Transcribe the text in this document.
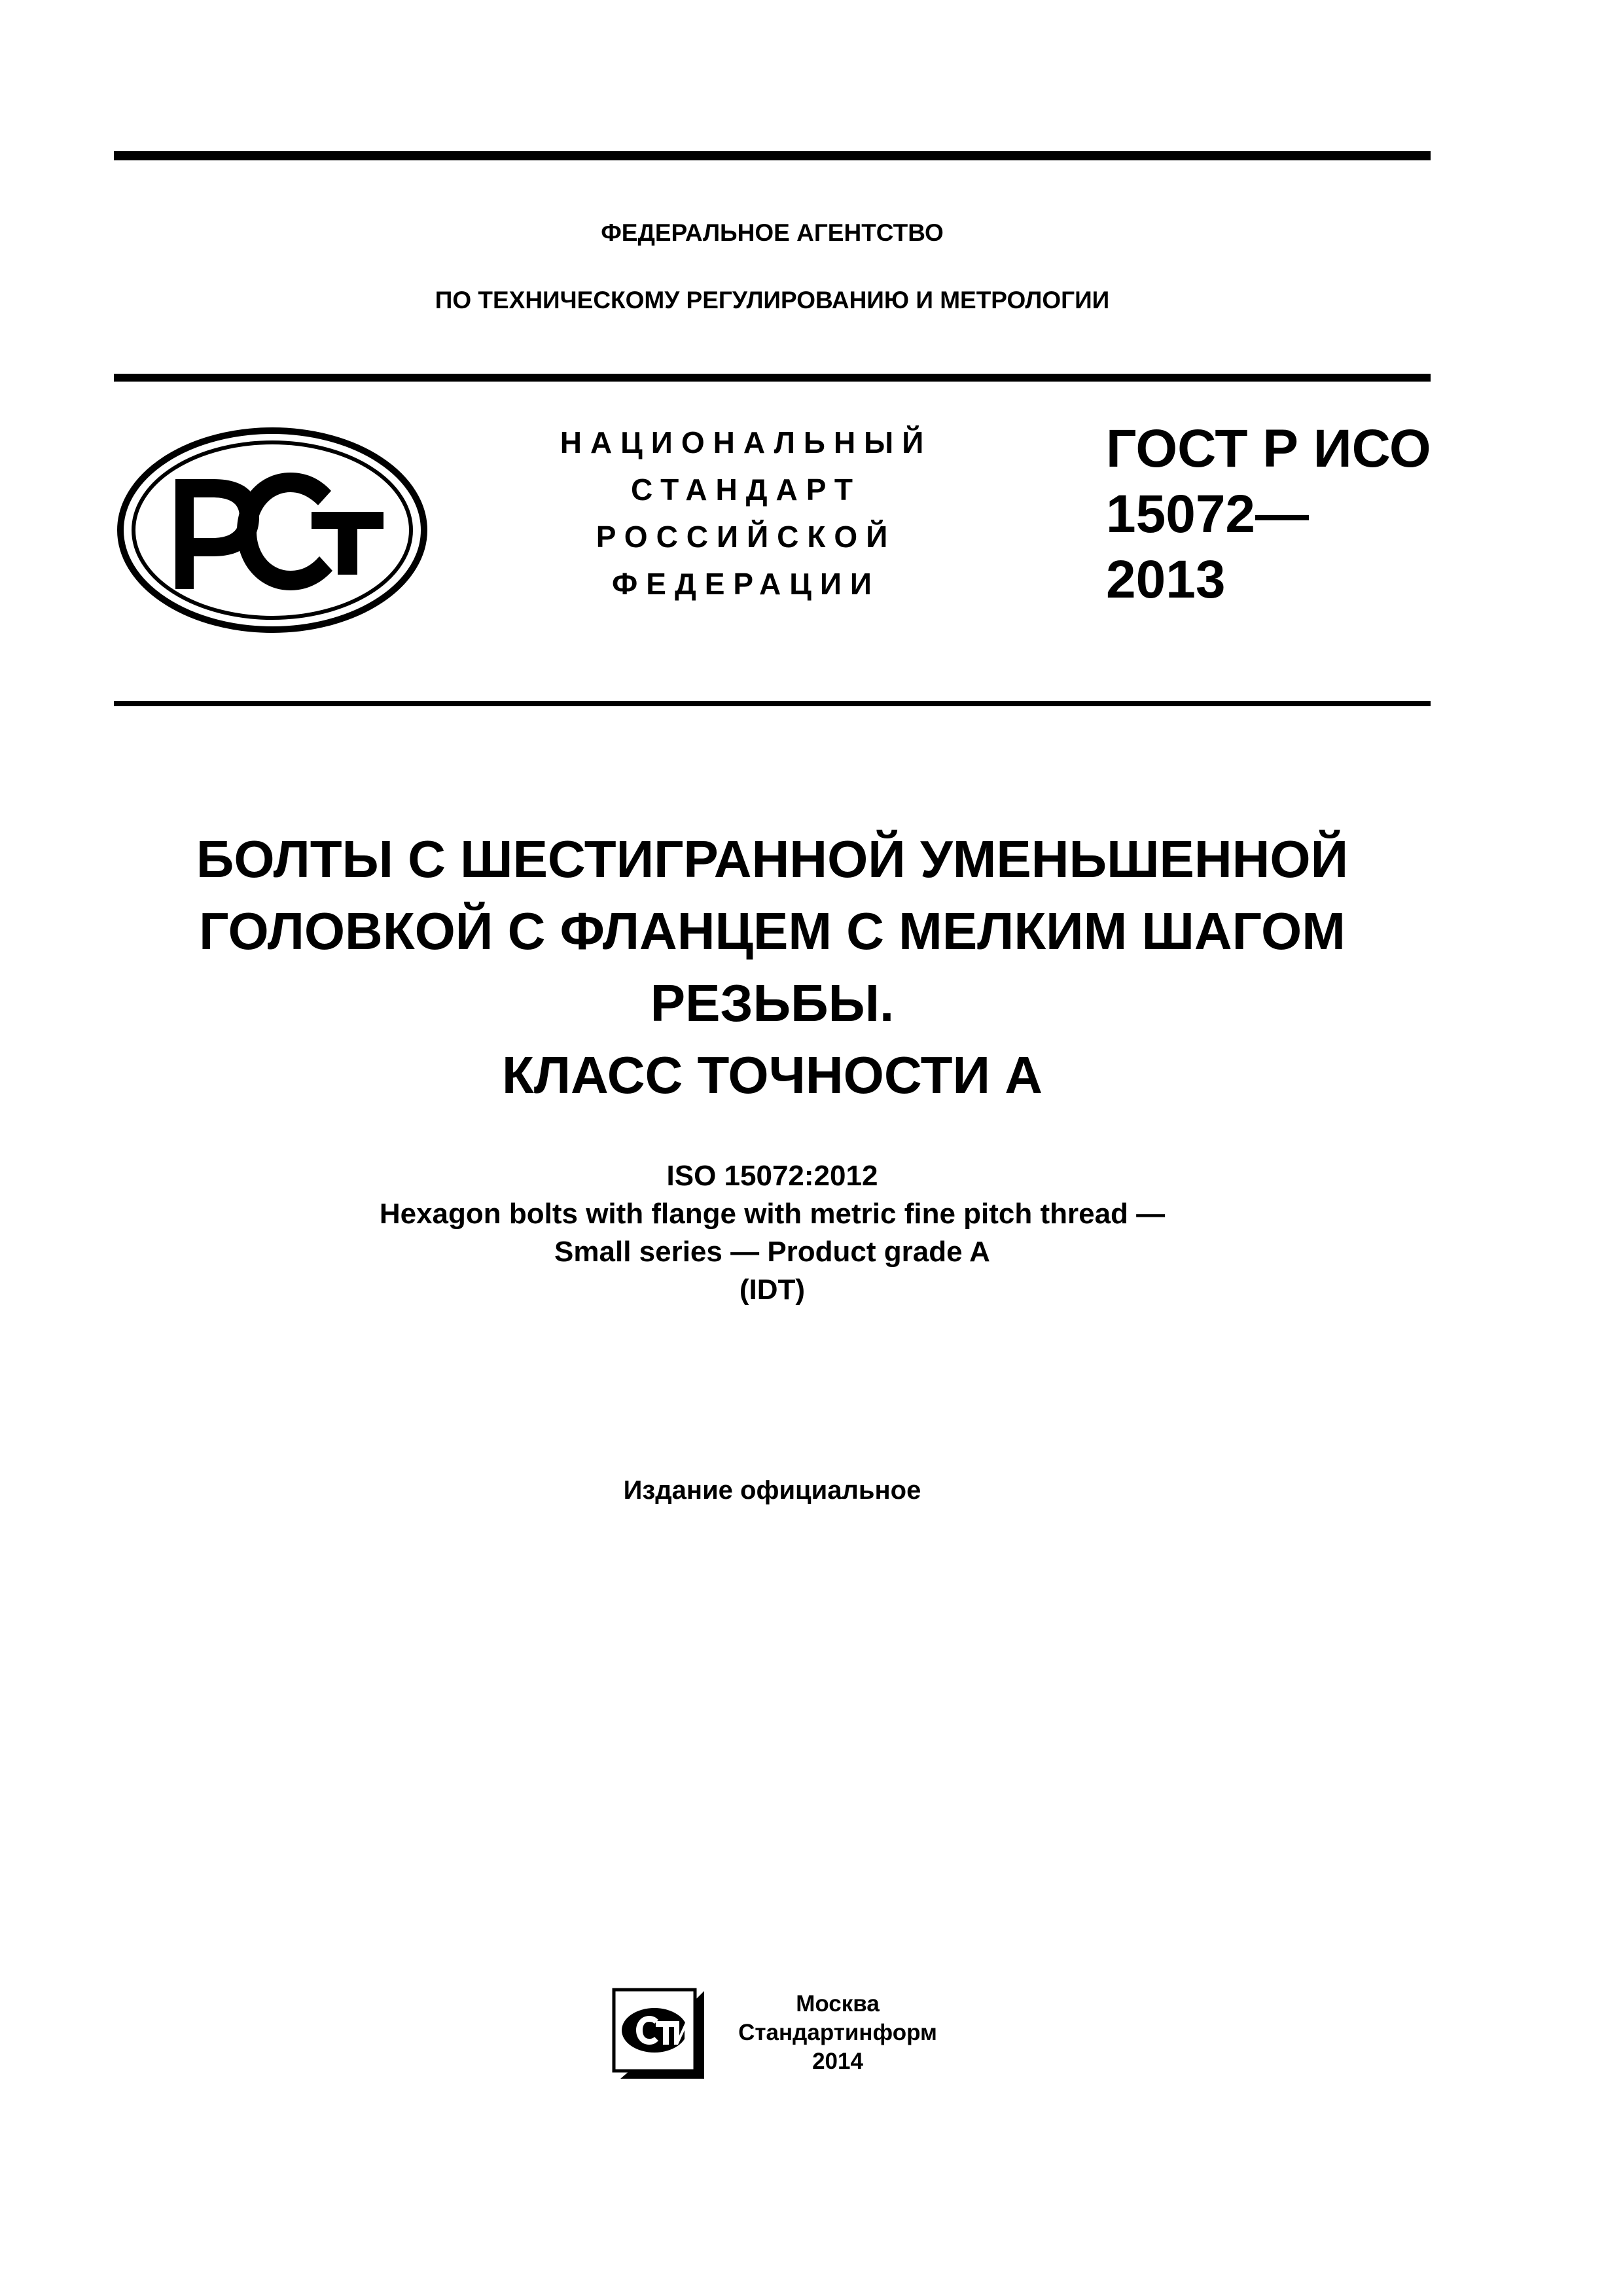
ФЕДЕРАЛЬНОЕ АГЕНТСТВО
ПО ТЕХНИЧЕСКОМУ РЕГУЛИРОВАНИЮ И МЕТРОЛОГИИ
НАЦИОНАЛЬНЫЙ
СТАНДАРТ
РОССИЙСКОЙ
ФЕДЕРАЦИИ
ГОСТ Р ИСО
15072—
2013
БОЛТЫ С ШЕСТИГРАННОЙ УМЕНЬШЕННОЙ
ГОЛОВКОЙ С ФЛАНЦЕМ С МЕЛКИМ ШАГОМ
РЕЗЬБЫ.
КЛАСС ТОЧНОСТИ А
ISO 15072:2012
Hexagon bolts with flange with metric fine pitch thread —
Small series — Product grade A
(IDT)
Издание официальное
Москва
Стандартинформ
2014
